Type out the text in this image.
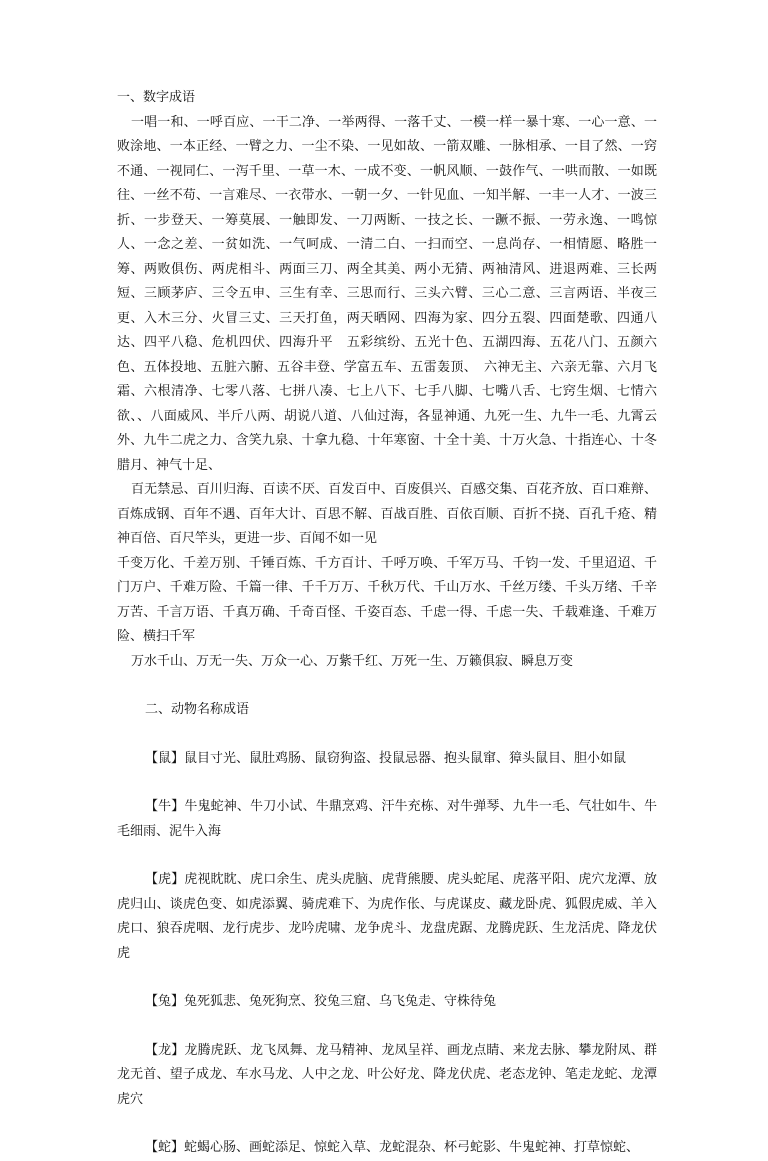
一、数字成语

一唱一和、一呼百应、一干二净、一举两得、一落千丈、一模一样一暴十寒、一心一意、一败涂地、一本正经、一臂之力、一尘不染、一见如故、一箭双雕、一脉相承、一目了然、一窍不通、一视同仁、一泻千里、一草一木、一成不变、一帆风顺、一鼓作气、一哄而散、一如既往、一丝不苟、一言难尽、一衣带水、一朝一夕、一针见血、一知半解、一丰一人才、一波三折、一步登天、一筹莫展、一触即发、一刀两断、一技之长、一蹶不振、一劳永逸、一鸣惊人、一念之差、一贫如洗、一气呵成、一清二白、一扫而空、一息尚存、一相情愿、略胜一筹、两败俱伤、两虎相斗、两面三刀、两全其美、两小无猜、两袖清风、进退两难、三长两短、三顾茅庐、三令五申、三生有幸、三思而行、三头六臂、三心二意、三言两语、半夜三更、入木三分、火冒三丈、三天打鱼，两天晒网、四海为家、四分五裂、四面楚歌、四通八达、四平八稳、危机四伏、四海升平　五彩缤纷、五光十色、五湖四海、五花八门、五颜六色、五体投地、五脏六腑、五谷丰登、学富五车、五雷轰顶、　六神无主、六亲无靠、六月飞霜、六根清净、七零八落、七拼八凑、七上八下、七手八脚、七嘴八舌、七窍生烟、七情六欲、、八面威风、半斤八两、胡说八道、八仙过海，各显神通、九死一生、九牛一毛、九霄云外、九牛二虎之力、含笑九泉、十拿九稳、十年寒窗、十全十美、十万火急、十指连心、十冬腊月、神气十足、

百无禁忌、百川归海、百读不厌、百发百中、百废俱兴、百感交集、百花齐放、百口难辩、百炼成钢、百年不遇、百年大计、百思不解、百战百胜、百依百顺、百折不挠、百孔千疮、精神百倍、百尺竿头，更进一步、百闻不如一见

千变万化、千差万别、千锤百炼、千方百计、千呼万唤、千军万马、千钧一发、千里迢迢、千门万户、千难万险、千篇一律、千千万万、千秋万代、千山万水、千丝万缕、千头万绪、千辛万苦、千言万语、千真万确、千奇百怪、千姿百态、千虑一得、千虑一失、千载难逢、千难万险、横扫千军

万水千山、万无一失、万众一心、万紫千红、万死一生、万籁俱寂、瞬息万变

二、动物名称成语

【鼠】鼠目寸光、鼠肚鸡肠、鼠窃狗盗、投鼠忌器、抱头鼠窜、獐头鼠目、胆小如鼠

【牛】牛鬼蛇神、牛刀小试、牛鼎烹鸡、汗牛充栋、对牛弹琴、九牛一毛、气壮如牛、牛毛细雨、泥牛入海

【虎】虎视眈眈、虎口余生、虎头虎脑、虎背熊腰、虎头蛇尾、虎落平阳、虎穴龙潭、放虎归山、谈虎色变、如虎添翼、骑虎难下、为虎作伥、与虎谋皮、藏龙卧虎、狐假虎威、羊入虎口、狼吞虎咽、龙行虎步、龙吟虎啸、龙争虎斗、龙盘虎踞、龙腾虎跃、生龙活虎、降龙伏虎

【兔】兔死狐悲、兔死狗烹、狡兔三窟、乌飞兔走、守株待兔

【龙】龙腾虎跃、龙飞凤舞、龙马精神、龙凤呈祥、画龙点睛、来龙去脉、攀龙附凤、群龙无首、望子成龙、车水马龙、人中之龙、叶公好龙、降龙伏虎、老态龙钟、笔走龙蛇、龙潭虎穴

【蛇】蛇蝎心肠、画蛇添足、惊蛇入草、龙蛇混杂、杯弓蛇影、牛鬼蛇神、打草惊蛇、
